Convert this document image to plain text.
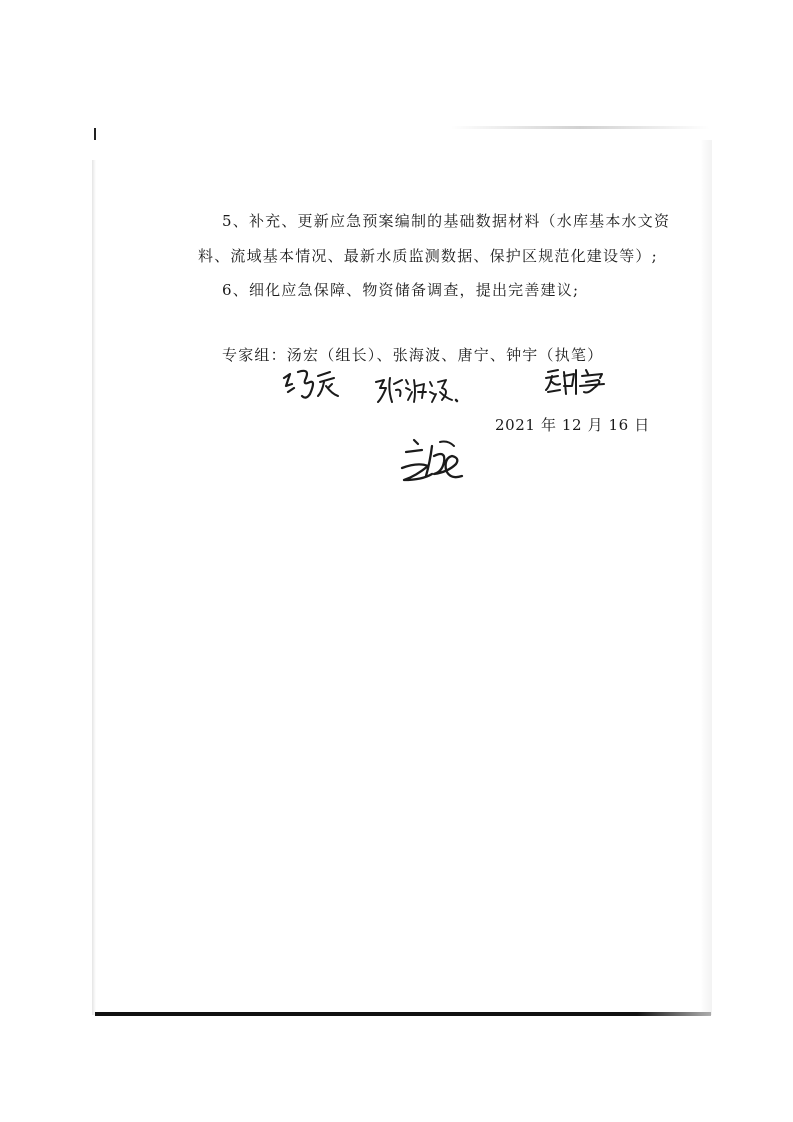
5、补充、更新应急预案编制的基础数据材料（水库基本水文资
料、流域基本情况、最新水质监测数据、保护区规范化建设等）;
6、细化应急保障、物资储备调查，提出完善建议;
专家组：汤宏（组长）、张海波、唐宁、钟宇（执笔）
2021 年 12 月 16 日
